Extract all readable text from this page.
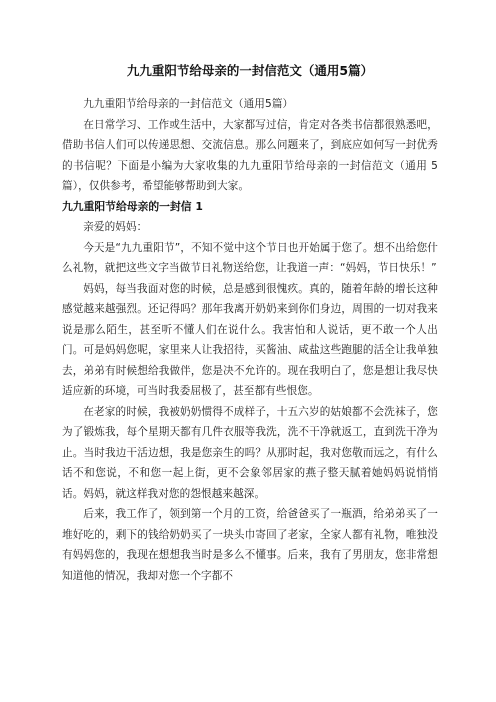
九九重阳节给母亲的一封信范文（通用5篇）

九九重阳节给母亲的一封信范文（通用5篇）

在日常学习、工作或生活中，大家都写过信，肯定对各类书信都很熟悉吧，借助书信人们可以传递思想、交流信息。那么问题来了，到底应如何写一封优秀的书信呢？下面是小编为大家收集的九九重阳节给母亲的一封信范文（通用 5 篇），仅供参考，希望能够帮助到大家。

九九重阳节给母亲的一封信 1

亲爱的妈妈：

今天是“九九重阳节”，不知不觉中这个节日也开始属于您了。想不出给您什么礼物，就把这些文字当做节日礼物送给您，让我道一声：“妈妈，节日快乐！”

妈妈，每当我面对您的时候，总是感到很愧疚。真的，随着年龄的增长这种感觉越来越强烈。还记得吗？那年我离开奶奶来到你们身边，周围的一切对我来说是那么陌生，甚至听不懂人们在说什么。我害怕和人说话，更不敢一个人出门。可是妈妈您呢，家里来人让我招待，买酱油、咸盐这些跑腿的活全让我单独去，弟弟有时候想给我做伴，您是决不允许的。现在我明白了，您是想让我尽快适应新的环境，可当时我委屈极了，甚至都有些恨您。

在老家的时候，我被奶奶惯得不成样子，十五六岁的姑娘都不会洗袜子，您为了锻炼我，每个星期天都有几件衣服等我洗，洗不干净就返工，直到洗干净为止。当时我边干活边想，我是您亲生的吗？从那时起，我对您敬而远之，有什么话不和您说，不和您一起上街，更不会象邻居家的燕子整天腻着她妈妈说悄悄话。妈妈，就这样我对您的怨恨越来越深。

后来，我工作了，领到第一个月的工资，给爸爸买了一瓶酒，给弟弟买了一堆好吃的，剩下的钱给奶奶买了一块头巾寄回了老家，全家人都有礼物，唯独没有妈妈您的，我现在想想我当时是多么不懂事。后来，我有了男朋友，您非常想知道他的情况，我却对您一个字都不
